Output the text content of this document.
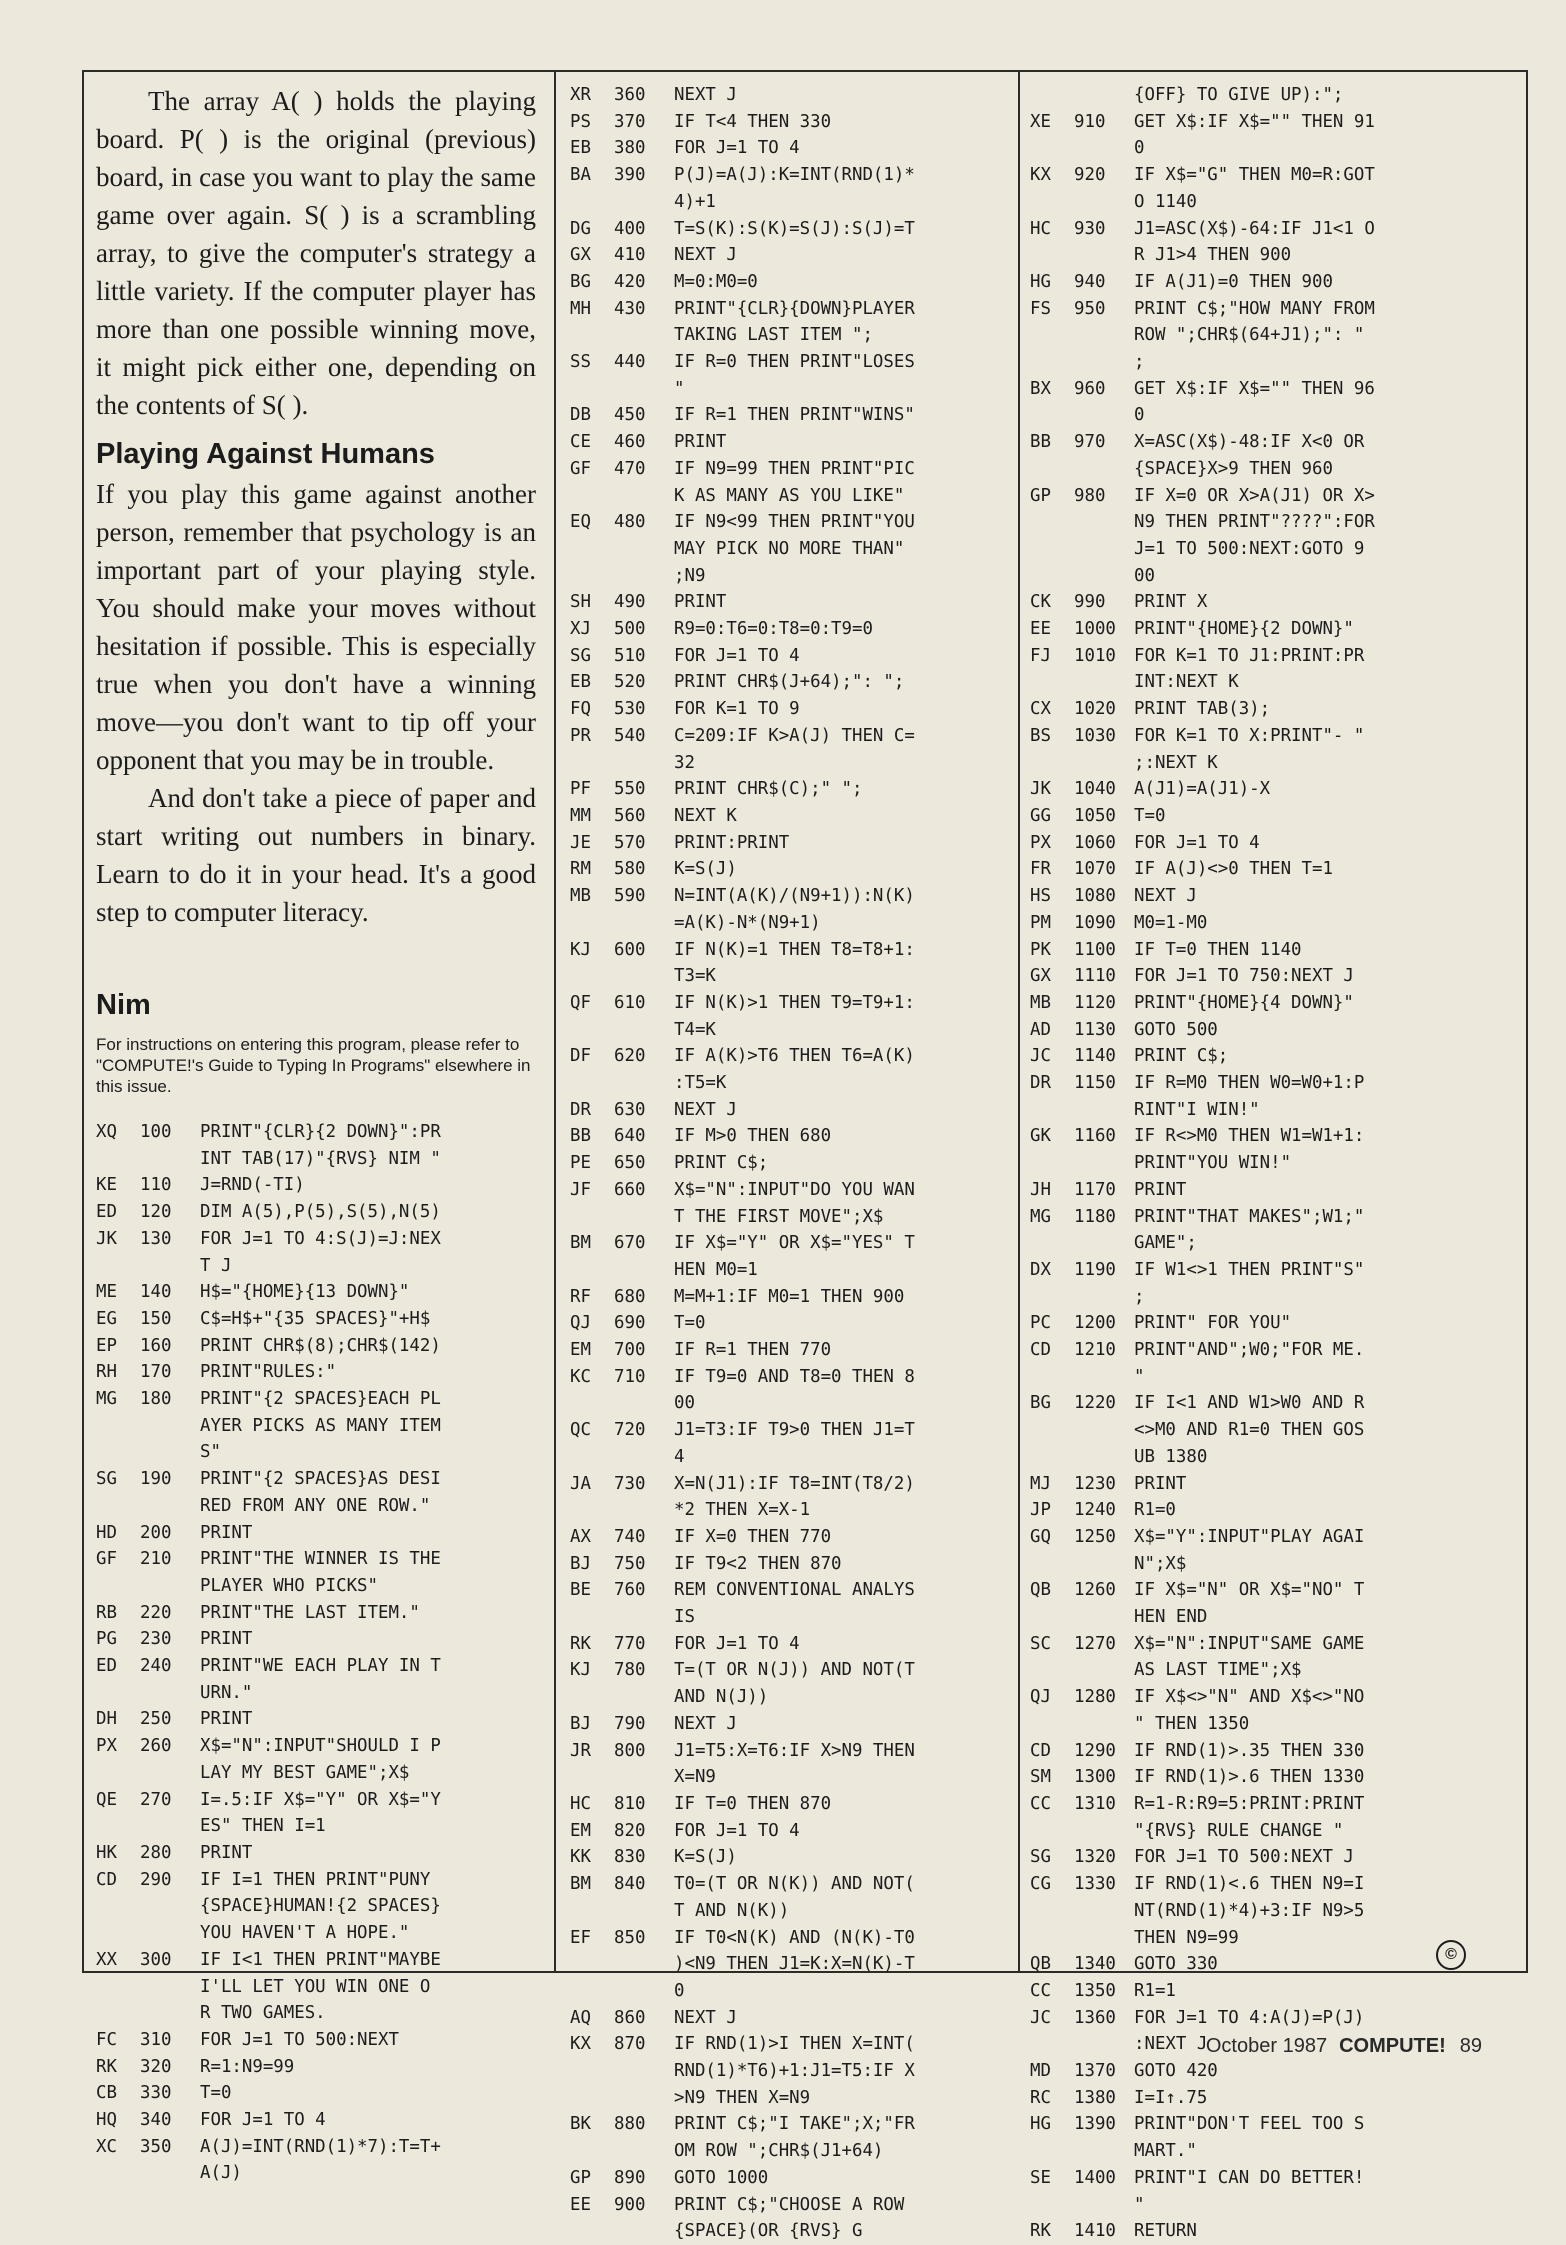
The array A( ) holds the playing board. P( ) is the original (previous) board, in case you want to play the same game over again. S( ) is a scrambling array, to give the computer's strategy a little variety. If the computer player has more than one possible winning move, it might pick either one, depending on the contents of S( ).

Playing Against Humans

If you play this game against another person, remember that psychology is an important part of your playing style. You should make your moves without hesitation if possible. This is especially true when you don't have a winning move—you don't want to tip off your opponent that you may be in trouble.

And don't take a piece of paper and start writing out numbers in binary. Learn to do it in your head. It's a good step to computer literacy.

Nim
For instructions on entering this program, please refer to "COMPUTE!'s Guide to Typing In Programs" elsewhere in this issue.
XQ	100	PRINT"{CLR}{2 DOWN}":PR
INT TAB(17)"{RVS} NIM "
KE	110	J=RND(-TI)
ED	120	DIM A(5),P(5),S(5),N(5)
JK	130	FOR J=1 TO 4:S(J)=J:NEX
T J
ME	140	H$="{HOME}{13 DOWN}"
EG	150	C$=H$+"{35 SPACES}"+H$
EP	160	PRINT CHR$(8);CHR$(142)
RH	170	PRINT"RULES:"
MG	180	PRINT"{2 SPACES}EACH PL
AYER PICKS AS MANY ITEM
S"
SG	190	PRINT"{2 SPACES}AS DESI
RED FROM ANY ONE ROW."
HD	200	PRINT
GF	210	PRINT"THE WINNER IS THE
PLAYER WHO PICKS"
RB	220	PRINT"THE LAST ITEM."
PG	230	PRINT
ED	240	PRINT"WE EACH PLAY IN T
URN."
DH	250	PRINT
PX	260	X$="N":INPUT"SHOULD I P
LAY MY BEST GAME";X$
QE	270	I=.5:IF X$="Y" OR X$="Y
ES" THEN I=1
HK	280	PRINT
CD	290	IF I=1 THEN PRINT"PUNY
{SPACE}HUMAN!{2 SPACES}
YOU HAVEN'T A HOPE."
XX	300	IF I<1 THEN PRINT"MAYBE
I'LL LET YOU WIN ONE O
R TWO GAMES.
FC	310	FOR J=1 TO 500:NEXT
RK	320	R=1:N9=99
CB	330	T=0
HQ	340	FOR J=1 TO 4
XC	350	A(J)=INT(RND(1)*7):T=T+
A(J)
XR	360	NEXT J
PS	370	IF T<4 THEN 330
EB	380	FOR J=1 TO 4
BA	390	P(J)=A(J):K=INT(RND(1)*
4)+1
DG	400	T=S(K):S(K)=S(J):S(J)=T
GX	410	NEXT J
BG	420	M=0:M0=0
MH	430	PRINT"{CLR}{DOWN}PLAYER
TAKING LAST ITEM ";
SS	440	IF R=0 THEN PRINT"LOSES
"
DB	450	IF R=1 THEN PRINT"WINS"
CE	460	PRINT
GF	470	IF N9=99 THEN PRINT"PIC
K AS MANY AS YOU LIKE"
EQ	480	IF N9<99 THEN PRINT"YOU
MAY PICK NO MORE THAN"
;N9
SH	490	PRINT
XJ	500	R9=0:T6=0:T8=0:T9=0
SG	510	FOR J=1 TO 4
EB	520	PRINT CHR$(J+64);": ";
FQ	530	FOR K=1 TO 9
PR	540	C=209:IF K>A(J) THEN C=
32
PF	550	PRINT CHR$(C);" ";
MM	560	NEXT K
JE	570	PRINT:PRINT
RM	580	K=S(J)
MB	590	N=INT(A(K)/(N9+1)):N(K)
=A(K)-N*(N9+1)
KJ	600	IF N(K)=1 THEN T8=T8+1:
T3=K
QF	610	IF N(K)>1 THEN T9=T9+1:
T4=K
DF	620	IF A(K)>T6 THEN T6=A(K)
:T5=K
DR	630	NEXT J
BB	640	IF M>0 THEN 680
PE	650	PRINT C$;
JF	660	X$="N":INPUT"DO YOU WAN
T THE FIRST MOVE";X$
BM	670	IF X$="Y" OR X$="YES" T
HEN M0=1
RF	680	M=M+1:IF M0=1 THEN 900
QJ	690	T=0
EM	700	IF R=1 THEN 770
KC	710	IF T9=0 AND T8=0 THEN 8
00
QC	720	J1=T3:IF T9>0 THEN J1=T
4
JA	730	X=N(J1):IF T8=INT(T8/2)
*2 THEN X=X-1
AX	740	IF X=0 THEN 770
BJ	750	IF T9<2 THEN 870
BE	760	REM CONVENTIONAL ANALYS
IS
RK	770	FOR J=1 TO 4
KJ	780	T=(T OR N(J)) AND NOT(T
AND N(J))
BJ	790	NEXT J
JR	800	J1=T5:X=T6:IF X>N9 THEN
X=N9
HC	810	IF T=0 THEN 870
EM	820	FOR J=1 TO 4
KK	830	K=S(J)
BM	840	T0=(T OR N(K)) AND NOT(
T AND N(K))
EF	850	IF T0<N(K) AND (N(K)-T0
)<N9 THEN J1=K:X=N(K)-T
0
AQ	860	NEXT J
KX	870	IF RND(1)>I THEN X=INT(
RND(1)*T6)+1:J1=T5:IF X
>N9 THEN X=N9
BK	880	PRINT C$;"I TAKE";X;"FR
OM ROW ";CHR$(J1+64)
GP	890	GOTO 1000
EE	900	PRINT C$;"CHOOSE A ROW
{SPACE}(OR {RVS} G
{OFF} TO GIVE UP):";
XE	910	GET X$:IF X$="" THEN 91
0
KX	920	IF X$="G" THEN M0=R:GOT
O 1140
HC	930	J1=ASC(X$)-64:IF J1<1 O
R J1>4 THEN 900
HG	940	IF A(J1)=0 THEN 900
FS	950	PRINT C$;"HOW MANY FROM
ROW ";CHR$(64+J1);": "
;
BX	960	GET X$:IF X$="" THEN 96
0
BB	970	X=ASC(X$)-48:IF X<0 OR
{SPACE}X>9 THEN 960
GP	980	IF X=0 OR X>A(J1) OR X>
N9 THEN PRINT"????":FOR
J=1 TO 500:NEXT:GOTO 9
00
CK	990	PRINT X
EE	1000	PRINT"{HOME}{2 DOWN}"
FJ	1010	FOR K=1 TO J1:PRINT:PR
INT:NEXT K
CX	1020	PRINT TAB(3);
BS	1030	FOR K=1 TO X:PRINT"- "
;:NEXT K
JK	1040	A(J1)=A(J1)-X
GG	1050	T=0
PX	1060	FOR J=1 TO 4
FR	1070	IF A(J)<>0 THEN T=1
HS	1080	NEXT J
PM	1090	M0=1-M0
PK	1100	IF T=0 THEN 1140
GX	1110	FOR J=1 TO 750:NEXT J
MB	1120	PRINT"{HOME}{4 DOWN}"
AD	1130	GOTO 500
JC	1140	PRINT C$;
DR	1150	IF R=M0 THEN W0=W0+1:P
RINT"I WIN!"
GK	1160	IF R<>M0 THEN W1=W1+1:
PRINT"YOU WIN!"
JH	1170	PRINT
MG	1180	PRINT"THAT MAKES";W1;"
GAME";
DX	1190	IF W1<>1 THEN PRINT"S"
;
PC	1200	PRINT" FOR YOU"
CD	1210	PRINT"AND";W0;"FOR ME.
"
BG	1220	IF I<1 AND W1>W0 AND R
<>M0 AND R1=0 THEN GOS
UB 1380
MJ	1230	PRINT
JP	1240	R1=0
GQ	1250	X$="Y":INPUT"PLAY AGAI
N";X$
QB	1260	IF X$="N" OR X$="NO" T
HEN END
SC	1270	X$="N":INPUT"SAME GAME
AS LAST TIME";X$
QJ	1280	IF X$<>"N" AND X$<>"NO
" THEN 1350
CD	1290	IF RND(1)>.35 THEN 330
SM	1300	IF RND(1)>.6 THEN 1330
CC	1310	R=1-R:R9=5:PRINT:PRINT
"{RVS} RULE CHANGE "
SG	1320	FOR J=1 TO 500:NEXT J
CG	1330	IF RND(1)<.6 THEN N9=I
NT(RND(1)*4)+3:IF N9>5
THEN N9=99
QB	1340	GOTO 330
CC	1350	R1=1
JC	1360	FOR J=1 TO 4:A(J)=P(J)
:NEXT J
MD	1370	GOTO 420
RC	1380	I=I↑.75
HG	1390	PRINT"DON'T FEEL TOO S
MART."
SE	1400	PRINT"I CAN DO BETTER!
"
RK	1410	RETURN
©
October 1987 COMPUTE! 89
